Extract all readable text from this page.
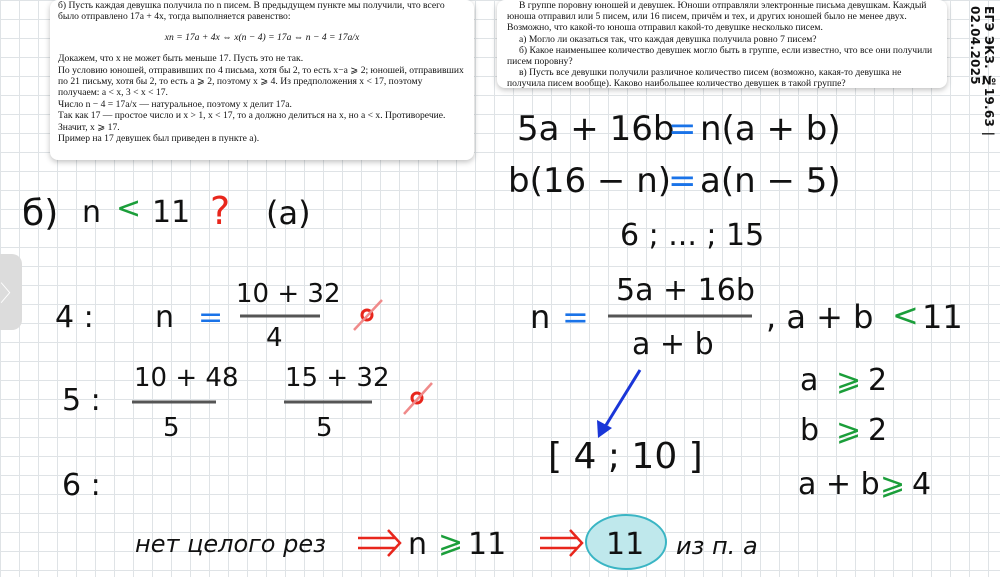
б) Пусть каждая девушка получила по n писем. В предыдущем пункте мы получили, что всего было отправлено 17a + 4x, тогда выполняется равенство:

xn = 17a + 4x ⇔ x(n − 4) = 17a ⇔ n − 4 = 17a/x

Докажем, что x не может быть меньше 17. Пусть это не так.

По условию юношей, отправивших по 4 письма, хотя бы 2, то есть x−a ⩾ 2; юношей, отправивших по 21 письму, хотя бы 2, то есть a ⩾ 2, поэтому x ⩾ 4. Из предположения x < 17, поэтому получаем: a < x, 3 < x < 17.

Число n − 4 = 17a/x — натуральное, поэтому x делит 17a.

Так как 17 — простое число и x > 1, x < 17, то a должно делиться на x, но a < x. Противоречие. Значит, x ⩾ 17.

Пример на 17 девушек был приведен в пункте а).

В группе поровну юношей и девушек. Юноши отправляли электронные письма девушкам. Каждый юноша отправил или 5 писем, или 16 писем, причём и тех, и других юношей было не менее двух. Возможно, что какой-то юноша отправил какой-то девушке несколько писем.

а) Могло ли оказаться так, что каждая девушка получила ровно 7 писем?

б) Какое наименьшее количество девушек могло быть в группе, если известно, что все они получили писем поровну?

в) Пусть все девушки получили различное количество писем (возможно, какая-то девушка не получила писем вообще). Каково наибольшее количество девушек в такой группе?	ЕГЭ ЭКЗ. №19.63 | 02.04.2025
〉
б) n < 11 ? (a)
5a + 16b
= n(a + b)
b(16 − n)
= a(n − 5)
6 ; ... ; 15
4 : n =
10 + 32
4
5 :
10 + 48
5
15 + 32
5
6 :
n =
5a + 16b
a + b
, a + b < 11
[ 4 ; 10 ]
a ⩾ 2
b ⩾ 2
a + b ⩾ 4
нет целого рез	n ⩾ 11	11 из п. а
